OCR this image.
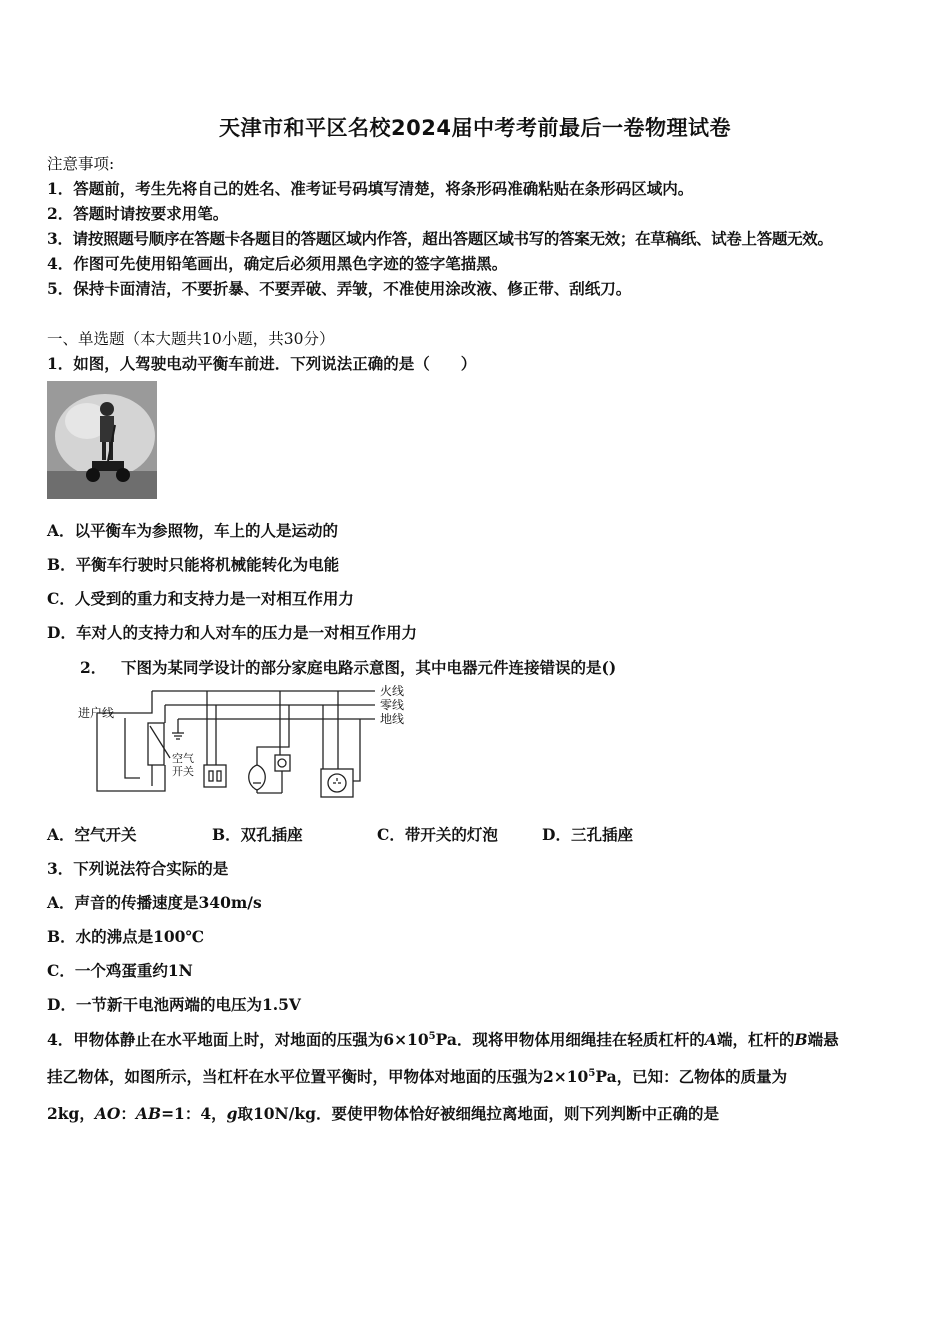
天津市和平区名校2024届中考考前最后一卷物理试卷
注意事项:
1．答题前，考生先将自己的姓名、准考证号码填写清楚，将条形码准确粘贴在条形码区域内。
2．答题时请按要求用笔。
3．请按照题号顺序在答题卡各题目的答题区域内作答，超出答题区域书写的答案无效；在草稿纸、试卷上答题无效。
4．作图可先使用铅笔画出，确定后必须用黑色字迹的签字笔描黑。
5．保持卡面清洁，不要折暴、不要弄破、弄皱，不准使用涂改液、修正带、刮纸刀。
一、单选题（本大题共10小题，共30分）
1．如图，人驾驶电动平衡车前进．下列说法正确的是（　　）
A．以平衡车为参照物，车上的人是运动的
B．平衡车行驶时只能将机械能转化为电能
C．人受到的重力和支持力是一对相互作用力
D．车对人的支持力和人对车的压力是一对相互作用力
2． 下图为某同学设计的部分家庭电路示意图，其中电器元件连接错误的是()
火线
零线
地线
进户线
空气
开关
A．空气开关	B．双孔插座	C．带开关的灯泡	D．三孔插座
3．下列说法符合实际的是
A．声音的传播速度是340m/s
B．水的沸点是100℃
C．一个鸡蛋重约1N
D．一节新干电池两端的电压为1.5V
4．甲物体静止在水平地面上时，对地面的压强为$6\times 10^5Pa$．现将甲物体用细绳挂在轻质杠杆的A端，杠杆的B端悬
挂乙物体，如图所示，当杠杆在水平位置平衡时，甲物体对地面的压强为$2\times 10^5Pa$，已知：乙物体的质量为
2kg，AO：AB=1：4，g取10N/kg．要使甲物体恰好被细绳拉离地面，则下列判断中正确的是
